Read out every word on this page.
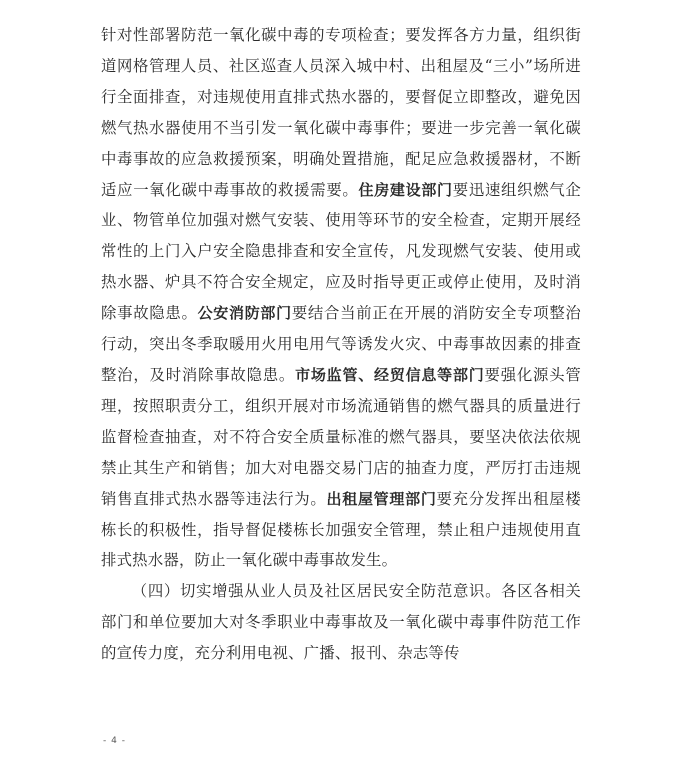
针对性部署防范一氧化碳中毒的专项检查；要发挥各方力量，组织街道网格管理人员、社区巡查人员深入城中村、出租屋及“三小”场所进行全面排查，对违规使用直排式热水器的，要督促立即整改，避免因燃气热水器使用不当引发一氧化碳中毒事件；要进一步完善一氧化碳中毒事故的应急救援预案，明确处置措施，配足应急救援器材，不断适应一氧化碳中毒事故的救援需要。住房建设部门要迅速组织燃气企业、物管单位加强对燃气安装、使用等环节的安全检查，定期开展经常性的上门入户安全隐患排查和安全宣传，凡发现燃气安装、使用或热水器、炉具不符合安全规定，应及时指导更正或停止使用，及时消除事故隐患。公安消防部门要结合当前正在开展的消防安全专项整治行动，突出冬季取暖用火用电用气等诱发火灾、中毒事故因素的排查整治，及时消除事故隐患。市场监管、经贸信息等部门要强化源头管理，按照职责分工，组织开展对市场流通销售的燃气器具的质量进行监督检查抽查，对不符合安全质量标准的燃气器具，要坚决依法依规禁止其生产和销售；加大对电器交易门店的抽查力度，严厉打击违规销售直排式热水器等违法行为。出租屋管理部门要充分发挥出租屋楼栋长的积极性，指导督促楼栋长加强安全管理，禁止租户违规使用直排式热水器，防止一氧化碳中毒事故发生。

（四）切实增强从业人员及社区居民安全防范意识。各区各相关部门和单位要加大对冬季职业中毒事故及一氧化碳中毒事件防范工作的宣传力度，充分利用电视、广播、报刊、杂志等传

- 4 -
